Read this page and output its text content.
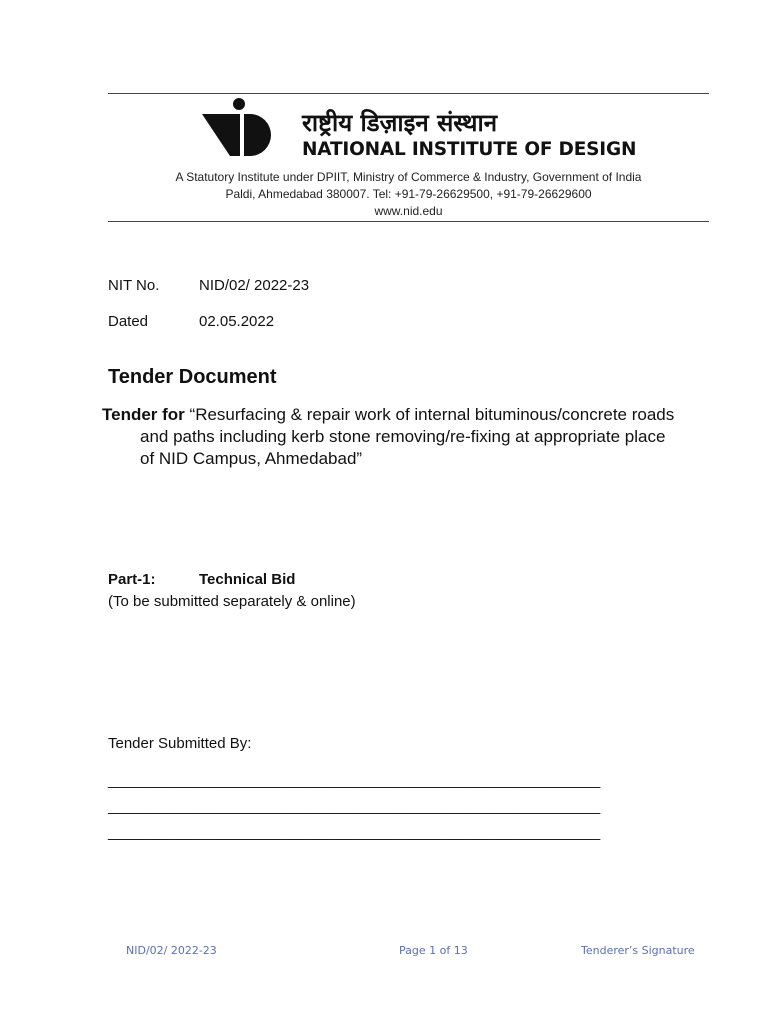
राष्ट्रीय डिज़ाइन संस्थान
NATIONAL INSTITUTE OF DESIGN
A Statutory Institute under DPIIT, Ministry of Commerce & Industry, Government of India
Paldi, Ahmedabad 380007. Tel: +91-79-26629500, +91-79-26629600
www.nid.edu
NIT No.	NID/02/ 2022-23
Dated	02.05.2022
Tender Document
Tender for “Resurfacing & repair work of internal bituminous/concrete roads
and paths including kerb stone removing/re-fixing at appropriate place
of NID Campus, Ahmedabad”
Part-1:	Technical Bid
(To be submitted separately & online)
Tender Submitted By:
___________________________________________________________
___________________________________________________________
___________________________________________________________
NID/02/ 2022-23	Page 1 of 13	Tenderer’s Signature
